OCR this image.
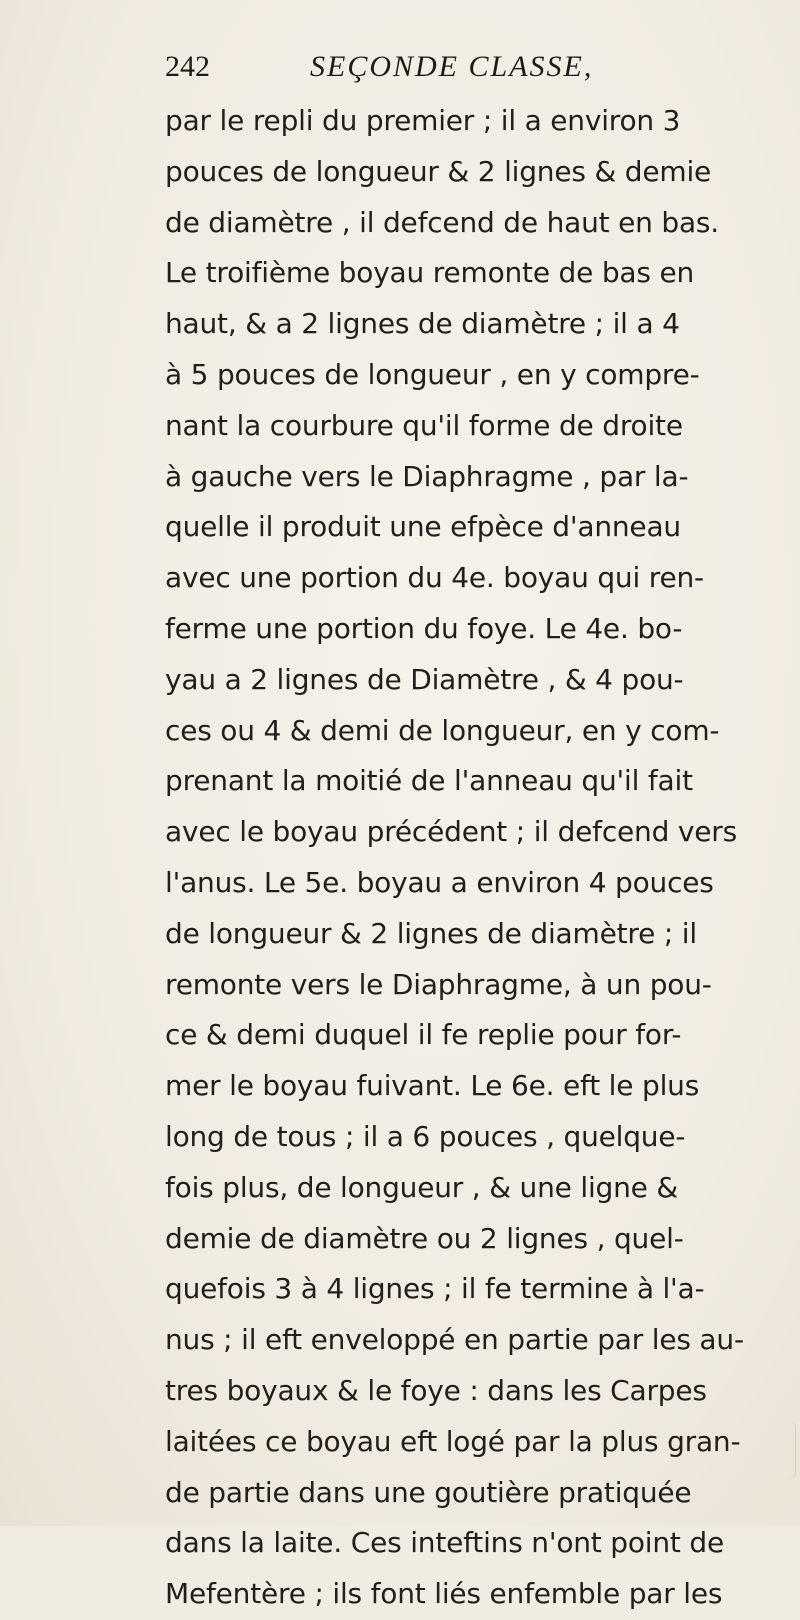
242	SEÇONDE CLASSE,
par le repli du premier ; il a environ 3
pouces de longueur & 2 lignes & demie
de diamètre , il defcend de haut en bas.
Le troifième boyau remonte de bas en
haut, & a 2 lignes de diamètre ; il a 4
à 5 pouces de longueur , en y compre-
nant la courbure qu'il forme de droite
à gauche vers le Diaphragme , par la-
quelle il produit une efpèce d'anneau
avec une portion du 4e. boyau qui ren-
ferme une portion du foye. Le 4e. bo-
yau a 2 lignes de Diamètre , & 4 pou-
ces ou 4 & demi de longueur, en y com-
prenant la moitié de l'anneau qu'il fait
avec le boyau précédent ; il defcend vers
l'anus. Le 5e. boyau a environ 4 pouces
de longueur & 2 lignes de diamètre ; il
remonte vers le Diaphragme, à un pou-
ce & demi duquel il fe replie pour for-
mer le boyau fuivant. Le 6e. eft le plus
long de tous ; il a 6 pouces , quelque-
fois plus, de longueur , & une ligne &
demie de diamètre ou 2 lignes , quel-
quefois 3 à 4 lignes ; il fe termine à l'a-
nus ; il eft enveloppé en partie par les au-
tres boyaux & le foye : dans les Carpes
laitées ce boyau eft logé par la plus gran-
de partie dans une goutière pratiquée
dans la laite. Ces inteftins n'ont point de
Mefentère ; ils font liés enfemble par les
